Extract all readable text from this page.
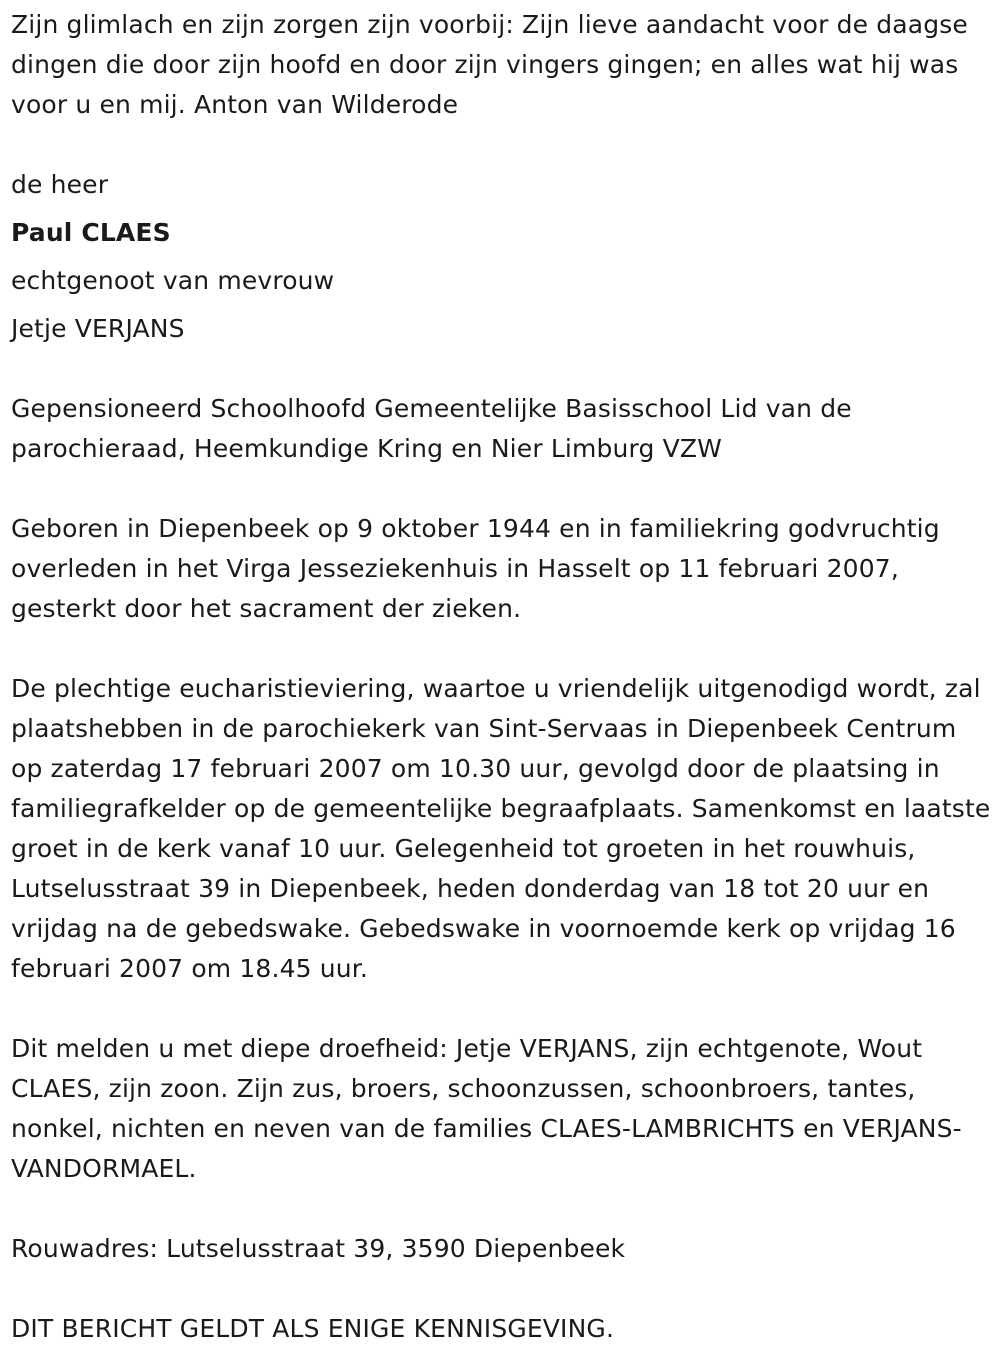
Zijn glimlach en zijn zorgen zijn voorbij: Zijn lieve aandacht voor de daagse dingen die door zijn hoofd en door zijn vingers gingen; en alles wat hij was voor u en mij. Anton van Wilderode

de heer

Paul CLAES

echtgenoot van mevrouw

Jetje VERJANS

Gepensioneerd Schoolhoofd Gemeentelijke Basisschool Lid van de parochieraad, Heemkundige Kring en Nier Limburg VZW

Geboren in Diepenbeek op 9 oktober 1944 en in familiekring godvruchtig overleden in het Virga Jesseziekenhuis in Hasselt op 11 februari 2007, gesterkt door het sacrament der zieken.

De plechtige eucharistieviering, waartoe u vriendelijk uitgenodigd wordt, zal plaatshebben in de parochiekerk van Sint-Servaas in Diepenbeek Centrum op zaterdag 17 februari 2007 om 10.30 uur, gevolgd door de plaatsing in familiegrafkelder op de gemeentelijke begraafplaats. Samenkomst en laatste groet in de kerk vanaf 10 uur. Gelegenheid tot groeten in het rouwhuis, Lutselusstraat 39 in Diepenbeek, heden donderdag van 18 tot 20 uur en vrijdag na de gebedswake. Gebedswake in voornoemde kerk op vrijdag 16 februari 2007 om 18.45 uur.

Dit melden u met diepe droefheid: Jetje VERJANS, zijn echtgenote, Wout CLAES, zijn zoon. Zijn zus, broers, schoonzussen, schoonbroers, tantes, nonkel, nichten en neven van de families CLAES-LAMBRICHTS en VERJANS-VANDORMAEL.

Rouwadres: Lutselusstraat 39, 3590 Diepenbeek

DIT BERICHT GELDT ALS ENIGE KENNISGEVING.
